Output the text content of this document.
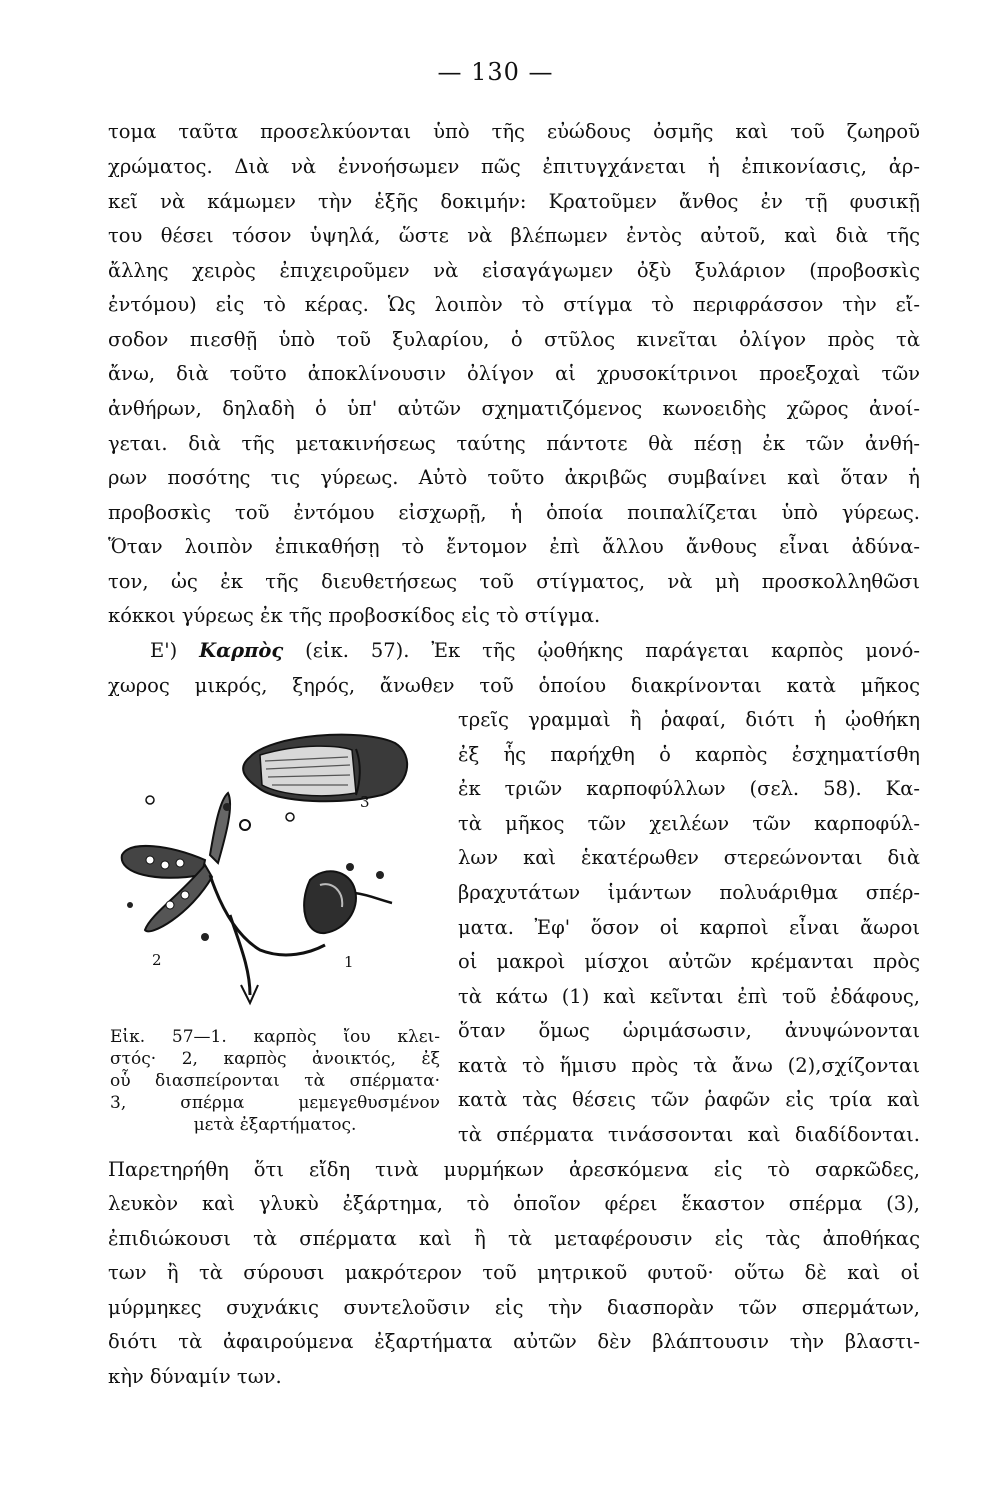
— 130 —
τομα ταῦτα προσελκύονται ὑπὸ τῆς εὐώδους ὀσμῆς καὶ τοῦ ζωηροῦ
χρώματος. Διὰ νὰ ἐννοήσωμεν πῶς ἐπιτυγχάνεται ἡ ἐπικονίασις, ἀρ-
κεῖ νὰ κάμωμεν τὴν ἑξῆς δοκιμήν: Κρατοῦμεν ἄνθος ἐν τῇ φυσικῇ
του θέσει τόσον ὑψηλά, ὥστε νὰ βλέπωμεν ἐντὸς αὐτοῦ, καὶ διὰ τῆς
ἄλλης χειρὸς ἐπιχειροῦμεν νὰ εἰσαγάγωμεν ὀξὺ ξυλάριον (προβοσκὶς
ἐντόμου) εἰς τὸ κέρας. Ὡς λοιπὸν τὸ στίγμα τὸ περιφράσσον τὴν εἴ-
σοδον πιεσθῇ ὑπὸ τοῦ ξυλαρίου, ὁ στῦλος κινεῖται ὀλίγον πρὸς τὰ
ἄνω, διὰ τοῦτο ἀποκλίνουσιν ὀλίγον αἱ χρυσοκίτρινοι προεξοχαὶ τῶν
ἀνθήρων, δηλαδὴ ὁ ὑπ' αὐτῶν σχηματιζόμενος κωνοειδὴς χῶρος ἀνοί-
γεται. διὰ τῆς μετακινήσεως ταύτης πάντοτε θὰ πέσῃ ἐκ τῶν ἀνθή-
ρων ποσότης τις γύρεως. Αὐτὸ τοῦτο ἀκριβῶς συμβαίνει καὶ ὅταν ἡ
προβοσκὶς τοῦ ἐντόμου εἰσχωρῇ, ἡ ὁποία ποιπαλίζεται ὑπὸ γύρεως.
Ὅταν λοιπὸν ἐπικαθήσῃ τὸ ἔντομον ἐπὶ ἄλλου ἄνθους εἶναι ἀδύνα-
τον, ὡς ἐκ τῆς διευθετήσεως τοῦ στίγματος, νὰ μὴ προσκολληθῶσι
κόκκοι γύρεως ἐκ τῆς προβοσκίδος εἰς τὸ στίγμα.
Ε') Καρπὸς (εἰκ. 57). Ἐκ τῆς ᾠοθήκης παράγεται καρπὸς μονό-
χωρος μικρός, ξηρός, ἄνωθεν τοῦ ὁποίου διακρίνονται κατὰ μῆκος
τρεῖς γραμμαὶ ἢ ῥαφαί, διότι ἡ ᾠοθήκη
ἐξ ἧς παρήχθη ὁ καρπὸς ἐσχηματίσθη
ἐκ τριῶν καρποφύλλων (σελ. 58). Κα-
τὰ μῆκος τῶν χειλέων τῶν καρποφύλ-
λων καὶ ἑκατέρωθεν στερεώνονται διὰ
βραχυτάτων ἱμάντων πολυάριθμα σπέρ-
ματα. Ἐφ' ὅσον οἱ καρποὶ εἶναι ἄωροι
οἱ μακροὶ μίσχοι αὐτῶν κρέμανται πρὸς
τὰ κάτω (1) καὶ κεῖνται ἐπὶ τοῦ ἐδάφους,
ὅταν ὅμως ὡριμάσωσιν, ἀνυψώνονται
κατὰ τὸ ἥμισυ πρὸς τὰ ἄνω (2),σχίζονται
κατὰ τὰς θέσεις τῶν ῥαφῶν εἰς τρία καὶ
τὰ σπέρματα τινάσσονται καὶ διαδίδονται.
3
2	1
Εἰκ. 57—1. καρπὸς ἴου κλει-
στός· 2, καρπὸς ἀνοικτός, ἐξ
οὗ διασπείρονται τὰ σπέρματα·
3, σπέρμα μεμεγεθυσμένον
μετὰ ἐξαρτήματος.
Παρετηρήθη ὅτι εἴδη τινὰ μυρμήκων ἀρεσκόμενα εἰς τὸ σαρκῶδες,
λευκὸν καὶ γλυκὺ ἐξάρτημα, τὸ ὁποῖον φέρει ἕκαστον σπέρμα (3),
ἐπιδιώκουσι τὰ σπέρματα καὶ ἢ τὰ μεταφέρουσιν εἰς τὰς ἀποθήκας
των ἢ τὰ σύρουσι μακρότερον τοῦ μητρικοῦ φυτοῦ· οὕτω δὲ καὶ οἱ
μύρμηκες συχνάκις συντελοῦσιν εἰς τὴν διασπορὰν τῶν σπερμάτων,
διότι τὰ ἀφαιρούμενα ἐξαρτήματα αὐτῶν δὲν βλάπτουσιν τὴν βλαστι-
κὴν δύναμίν των.
